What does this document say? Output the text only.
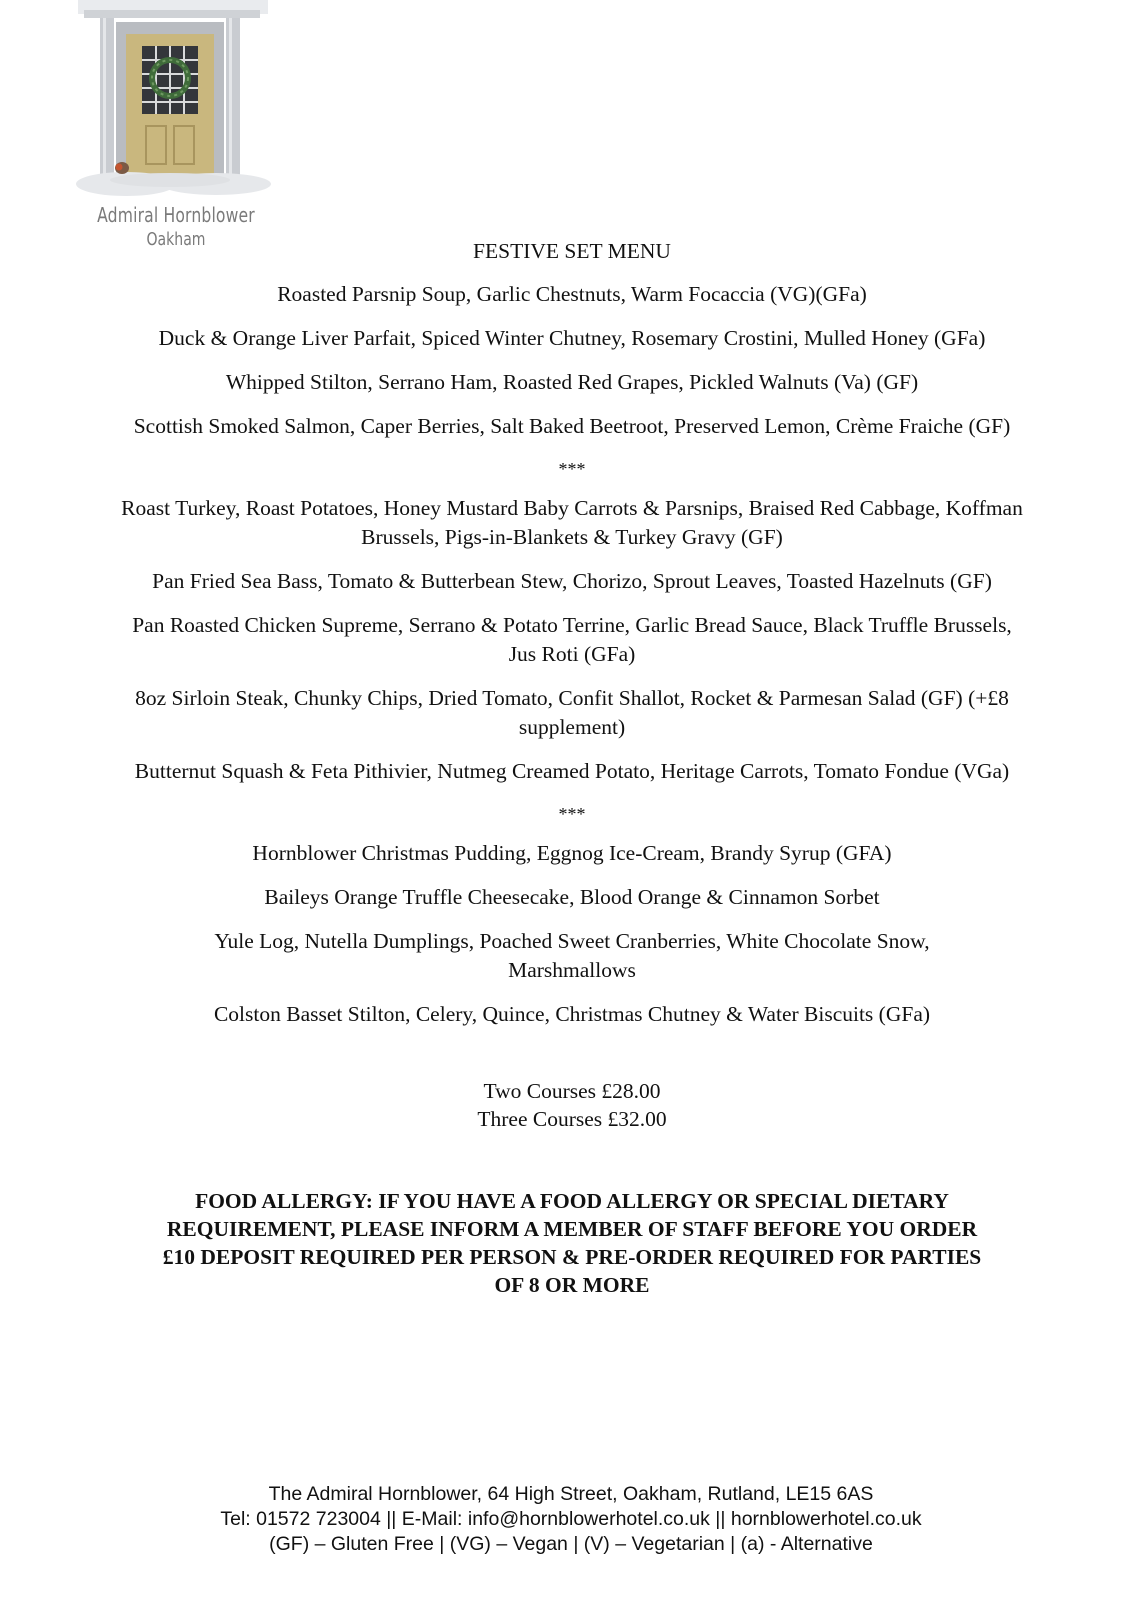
Admiral Hornblower
Oakham	FESTIVE SET MENU
Roasted Parsnip Soup, Garlic Chestnuts, Warm Focaccia (VG)(GFa)
Duck & Orange Liver Parfait, Spiced Winter Chutney, Rosemary Crostini, Mulled Honey (GFa)
Whipped Stilton, Serrano Ham, Roasted Red Grapes, Pickled Walnuts (Va) (GF)
Scottish Smoked Salmon, Caper Berries, Salt Baked Beetroot, Preserved Lemon, Crème Fraiche (GF)
***
Roast Turkey, Roast Potatoes, Honey Mustard Baby Carrots & Parsnips, Braised Red Cabbage, Koffman Brussels, Pigs-in-Blankets & Turkey Gravy (GF)
Pan Fried Sea Bass, Tomato & Butterbean Stew, Chorizo, Sprout Leaves, Toasted Hazelnuts (GF)
Pan Roasted Chicken Supreme, Serrano & Potato Terrine, Garlic Bread Sauce, Black Truffle Brussels, Jus Roti (GFa)
8oz Sirloin Steak, Chunky Chips, Dried Tomato, Confit Shallot, Rocket & Parmesan Salad (GF) (+£8 supplement)
Butternut Squash & Feta Pithivier, Nutmeg Creamed Potato, Heritage Carrots, Tomato Fondue (VGa)
***
Hornblower Christmas Pudding, Eggnog Ice-Cream, Brandy Syrup (GFA)
Baileys Orange Truffle Cheesecake, Blood Orange & Cinnamon Sorbet
Yule Log, Nutella Dumplings, Poached Sweet Cranberries, White Chocolate Snow, Marshmallows
Colston Basset Stilton, Celery, Quince, Christmas Chutney & Water Biscuits (GFa)
Two Courses £28.00
Three Courses £32.00
FOOD ALLERGY: IF YOU HAVE A FOOD ALLERGY OR SPECIAL DIETARY REQUIREMENT, PLEASE INFORM A MEMBER OF STAFF BEFORE YOU ORDER
£10 DEPOSIT REQUIRED PER PERSON & PRE-ORDER REQUIRED FOR PARTIES OF 8 OR MORE
The Admiral Hornblower, 64 High Street, Oakham, Rutland, LE15 6AS
Tel: 01572 723004 || E-Mail: info@hornblowerhotel.co.uk || hornblowerhotel.co.uk
(GF) – Gluten Free | (VG) – Vegan | (V) – Vegetarian | (a) - Alternative
